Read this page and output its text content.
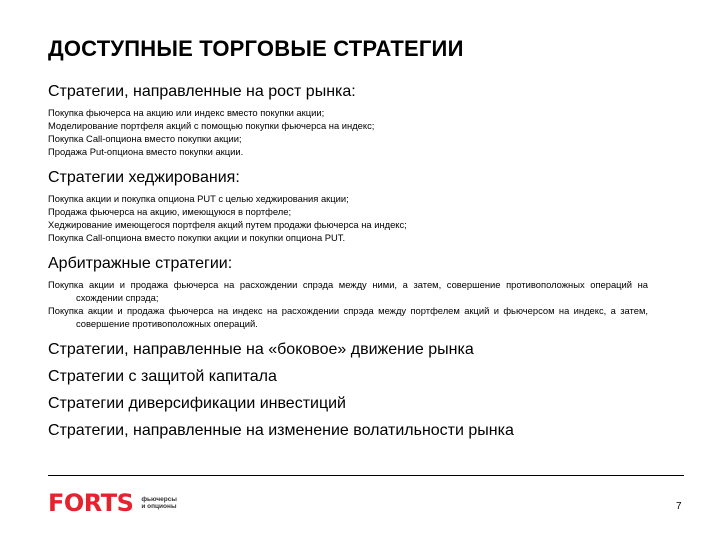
ДОСТУПНЫЕ ТОРГОВЫЕ СТРАТЕГИИ
Стратегии, направленные на рост рынка:
Покупка фьючерса на акцию или индекс вместо покупки акции;
Моделирование портфеля акций с помощью покупки фьючерса на индекс;
Покупка Call-опциона вместо покупки акции;
Продажа Put-опциона вместо покупки акции.
Стратегии хеджирования:
Покупка акции и покупка опциона PUT с целью хеджирования акции;
Продажа фьючерса на акцию, имеющуюся в портфеле;
Хеджирование имеющегося портфеля акций путем продажи фьючерса на индекс;
Покупка Call-опциона вместо покупки акции и покупки опциона PUT.
Арбитражные стратегии:
Покупка акции и продажа фьючерса на расхождении спрэда между ними, а затем, совершение противоположных операций на схождении спрэда;
Покупка акции и продажа фьючерса на индекс на расхождении спрэда между портфелем акций и фьючерсом на индекс, а затем, совершение противоположных операций.
Стратегии, направленные на «боковое» движение рынка
Стратегии с защитой капитала
Стратегии диверсификации инвестиций
Стратегии, направленные на изменение волатильности рынка
FORTS фьючерсы
и опционы	7
